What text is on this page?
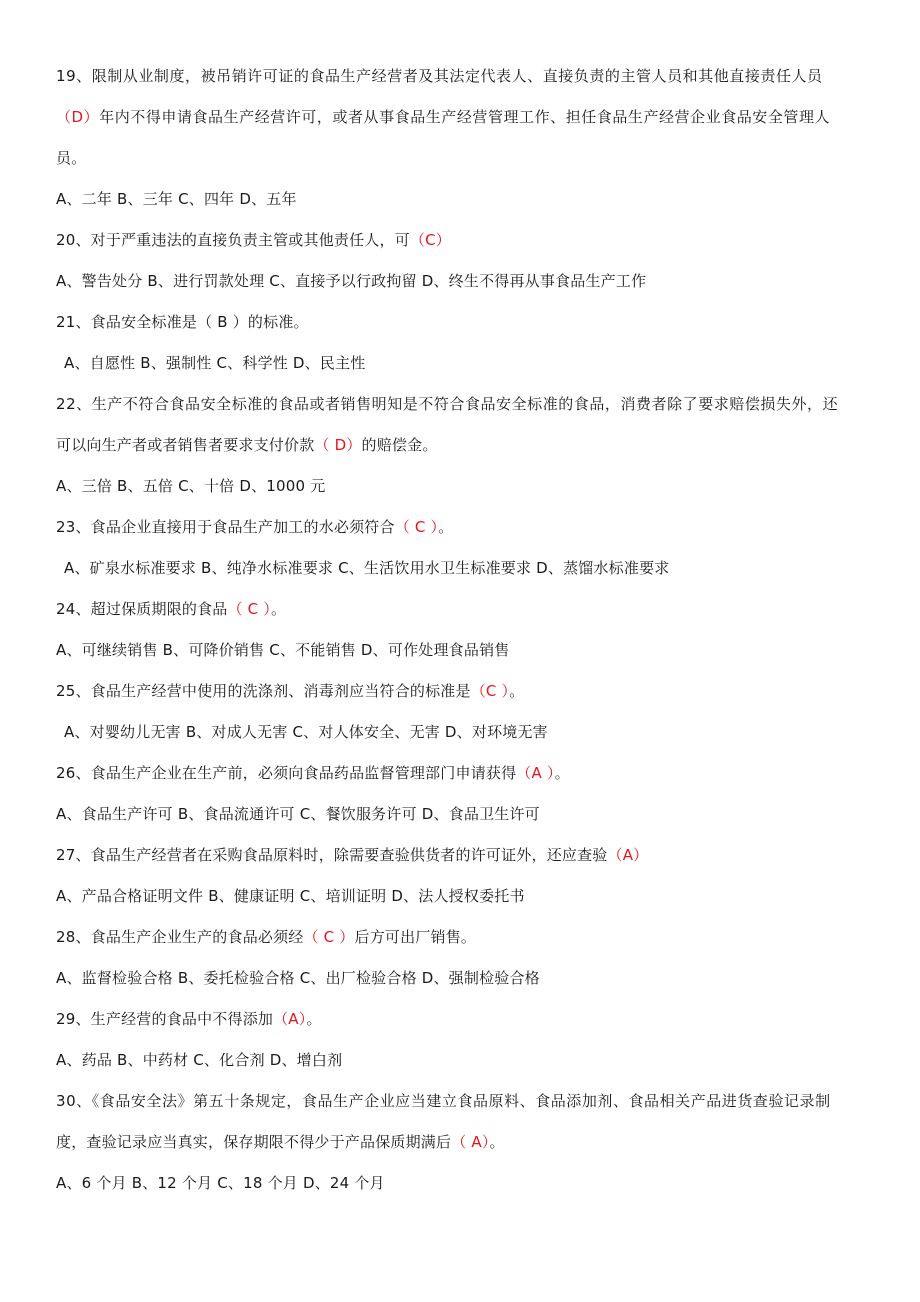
19、限制从业制度，被吊销许可证的食品生产经营者及其法定代表人、直接负责的主管人员和其他直接责任人员
（D）年内不得申请食品生产经营许可，或者从事食品生产经营管理工作、担任食品生产经营企业食品安全管理人
员。
A、二年 B、三年 C、四年 D、五年
20、对于严重违法的直接负责主管或其他责任人，可（C）
A、警告处分 B、进行罚款处理 C、直接予以行政拘留 D、终生不得再从事食品生产工作
21、食品安全标准是（ B ）的标准。
A、自愿性 B、强制性 C、科学性 D、民主性
22、生产不符合食品安全标准的食品或者销售明知是不符合食品安全标准的食品，消费者除了要求赔偿损失外，还
可以向生产者或者销售者要求支付价款（ D）的赔偿金。
A、三倍 B、五倍 C、十倍 D、1000 元
23、食品企业直接用于食品生产加工的水必须符合（ C ）。
A、矿泉水标准要求 B、纯净水标准要求 C、生活饮用水卫生标准要求 D、蒸馏水标准要求
24、超过保质期限的食品（ C ）。
A、可继续销售 B、可降价销售 C、不能销售 D、可作处理食品销售
25、食品生产经营中使用的洗涤剂、消毒剂应当符合的标准是（C ）。
A、对婴幼儿无害 B、对成人无害 C、对人体安全、无害 D、对环境无害
26、食品生产企业在生产前，必须向食品药品监督管理部门申请获得（A ）。
A、食品生产许可 B、食品流通许可 C、餐饮服务许可 D、食品卫生许可
27、食品生产经营者在采购食品原料时，除需要查验供货者的许可证外，还应查验（A）
A、产品合格证明文件 B、健康证明 C、培训证明 D、法人授权委托书
28、食品生产企业生产的食品必须经（ C ）后方可出厂销售。
A、监督检验合格 B、委托检验合格 C、出厂检验合格 D、强制检验合格
29、生产经营的食品中不得添加（A）。
A、药品 B、中药材 C、化合剂 D、增白剂
30、《食品安全法》第五十条规定，食品生产企业应当建立食品原料、食品添加剂、食品相关产品进货查验记录制
度，查验记录应当真实，保存期限不得少于产品保质期满后（ A）。
A、6 个月 B、12 个月 C、18 个月 D、24 个月
